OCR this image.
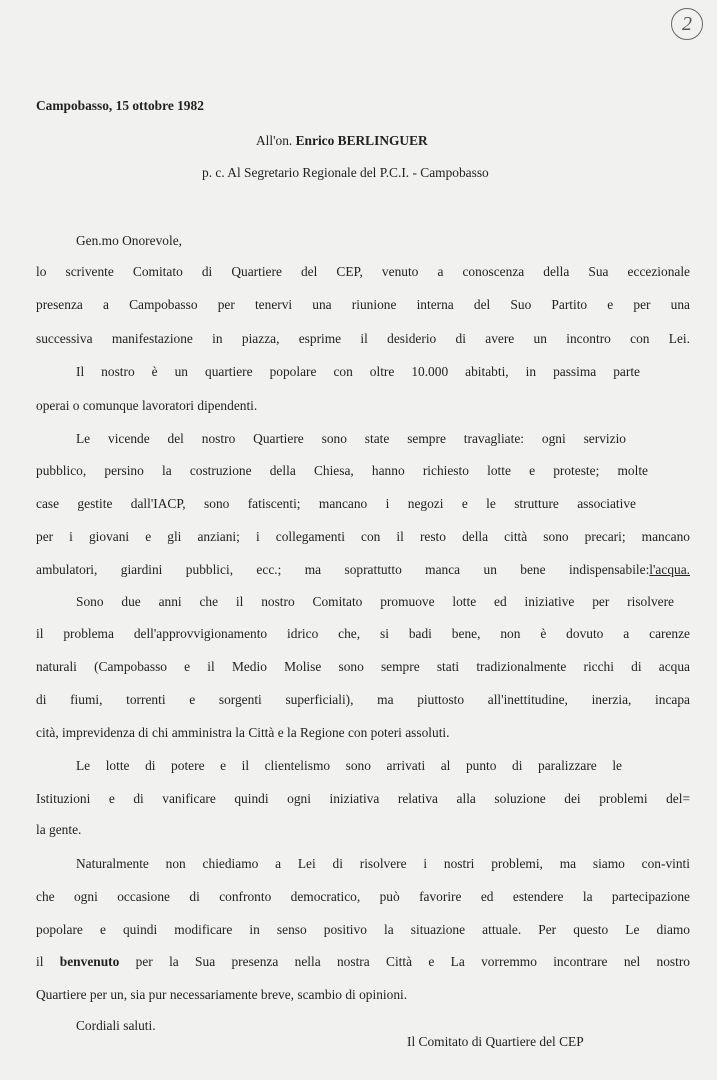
2
Campobasso, 15 ottobre 1982
All'on. Enrico BERLINGUER
p. c. Al Segretario Regionale del P.C.I. - Campobasso
Gen.mo Onorevole,
lo scrivente Comitato di Quartiere del CEP, venuto a conoscenza della Sua eccezionale
presenza a Campobasso per tenervi una riunione interna del Suo Partito e per una
successiva manifestazione in piazza, esprime il desiderio di avere un incontro con Lei.
Il nostro è un quartiere popolare con oltre 10.000 abitabti, in passima parte
operai o comunque lavoratori dipendenti.
Le vicende del nostro Quartiere sono state sempre travagliate: ogni servizio
pubblico, persino la costruzione della Chiesa, hanno richiesto lotte e proteste; molte
case gestite dall'IACP, sono fatiscenti; mancano i negozi e le strutture associative
per i giovani e gli anziani; i collegamenti con il resto della città sono precari; mancano
ambulatori, giardini pubblici, ecc.; ma soprattutto manca un bene indispensabile:l'acqua.
Sono due anni che il nostro Comitato promuove lotte ed iniziative per risolvere
il problema dell'approvvigionamento idrico che, si badi bene, non è dovuto a carenze
naturali (Campobasso e il Medio Molise sono sempre stati tradizionalmente ricchi di acqua
di fiumi, torrenti e sorgenti superficiali), ma piuttosto all'inettitudine, inerzia, incapa
cità, imprevidenza di chi amministra la Città e la Regione con poteri assoluti.
Le lotte di potere e il clientelismo sono arrivati al punto di paralizzare le
Istituzioni e di vanificare quindi ogni iniziativa relativa alla soluzione dei problemi del=
la gente.
Naturalmente non chiediamo a Lei di risolvere i nostri problemi, ma siamo con-vinti
che ogni occasione di confronto democratico, può favorire ed estendere la partecipazione
popolare e quindi modificare in senso positivo la situazione attuale. Per questo Le diamo
il benvenuto per la Sua presenza nella nostra Città e La vorremmo incontrare nel nostro
Quartiere per un, sia pur necessariamente breve, scambio di opinioni.
Cordiali saluti.
Il Comitato di Quartiere del CEP
